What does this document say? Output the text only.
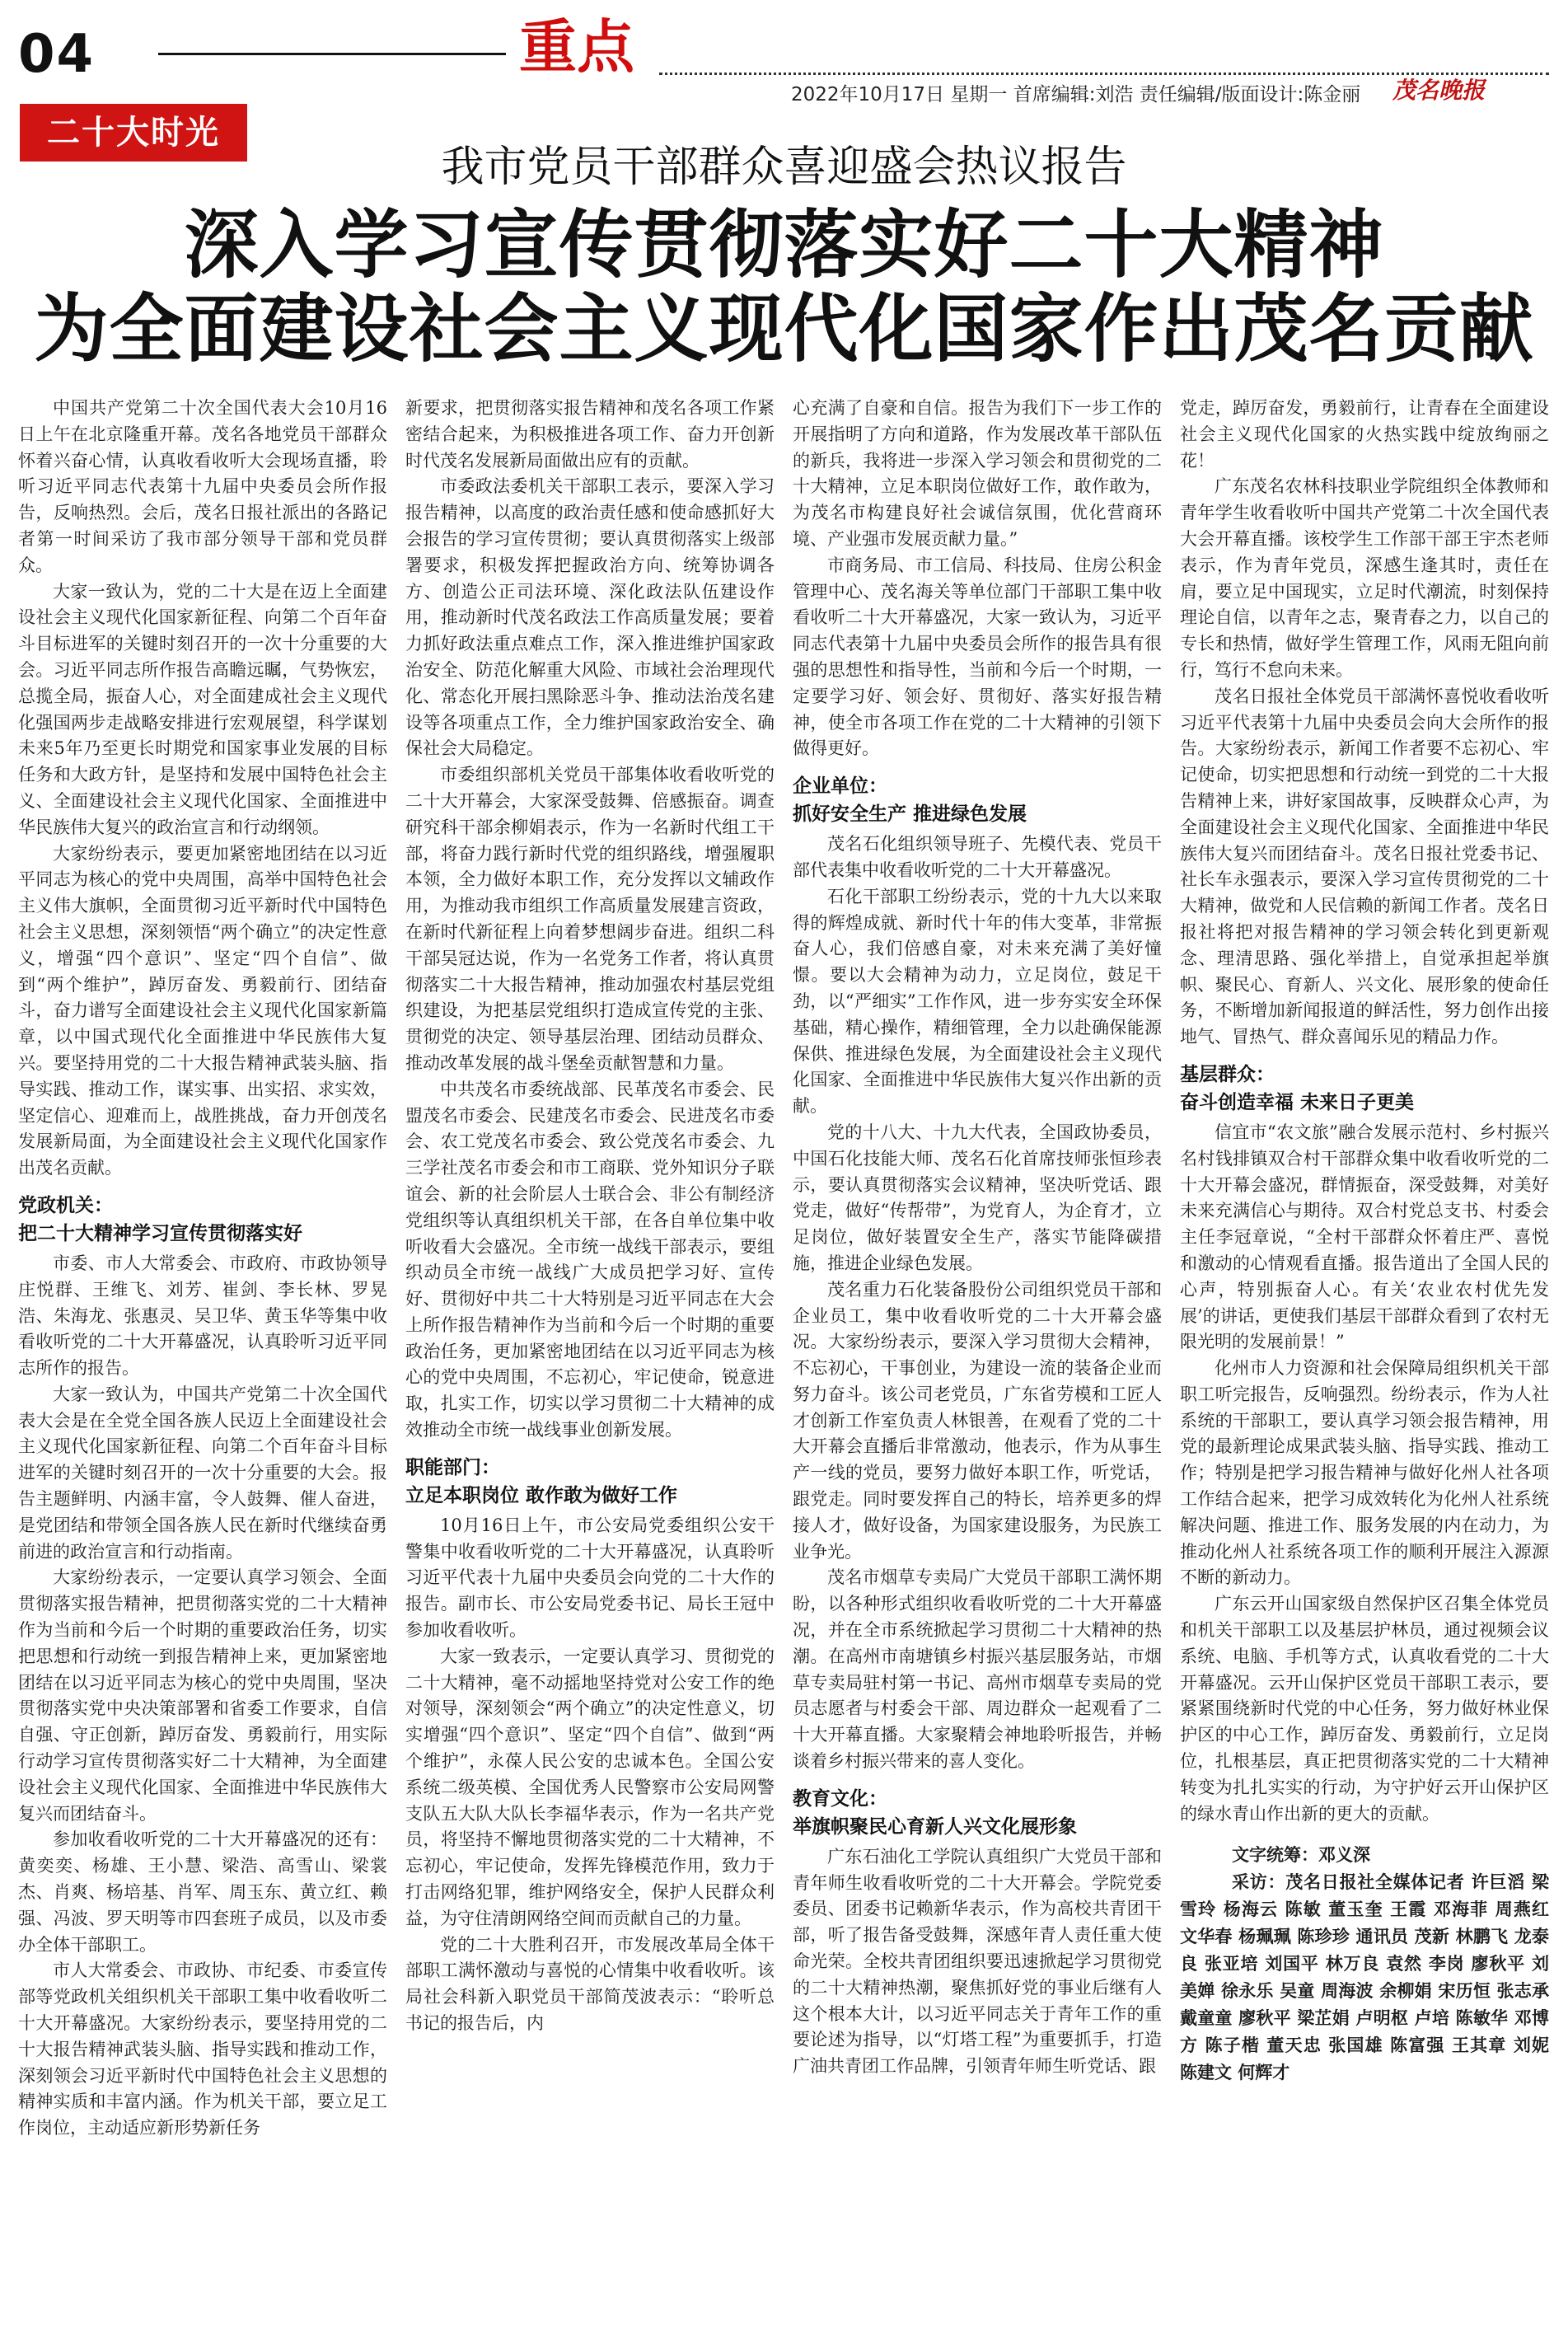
04	重点
2022年10月17日 星期一 首席编辑:刘浩 责任编辑/版面设计:陈金丽 茂名晚报
二十大时光
我市党员干部群众喜迎盛会热议报告
深入学习宣传贯彻落实好二十大精神
为全面建设社会主义现代化国家作出茂名贡献

中国共产党第二十次全国代表大会10月16日上午在北京隆重开幕。茂名各地党员干部群众怀着兴奋心情，认真收看收听大会现场直播，聆听习近平同志代表第十九届中央委员会所作报告，反响热烈。会后，茂名日报社派出的各路记者第一时间采访了我市部分领导干部和党员群众。

大家一致认为，党的二十大是在迈上全面建设社会主义现代化国家新征程、向第二个百年奋斗目标进军的关键时刻召开的一次十分重要的大会。习近平同志所作报告高瞻远瞩，气势恢宏，总揽全局，振奋人心，对全面建成社会主义现代化强国两步走战略安排进行宏观展望，科学谋划未来5年乃至更长时期党和国家事业发展的目标任务和大政方针，是坚持和发展中国特色社会主义、全面建设社会主义现代化国家、全面推进中华民族伟大复兴的政治宣言和行动纲领。

大家纷纷表示，要更加紧密地团结在以习近平同志为核心的党中央周围，高举中国特色社会主义伟大旗帜，全面贯彻习近平新时代中国特色社会主义思想，深刻领悟“两个确立”的决定性意义，增强“四个意识”、坚定“四个自信”、做到“两个维护”，踔厉奋发、勇毅前行、团结奋斗，奋力谱写全面建设社会主义现代化国家新篇章，以中国式现代化全面推进中华民族伟大复兴。要坚持用党的二十大报告精神武装头脑、指导实践、推动工作，谋实事、出实招、求实效，坚定信心、迎难而上，战胜挑战，奋力开创茂名发展新局面，为全面建设社会主义现代化国家作出茂名贡献。

党政机关：
把二十大精神学习宣传贯彻落实好

市委、市人大常委会、市政府、市政协领导庄悦群、王维飞、刘芳、崔剑、李长林、罗晃浩、朱海龙、张惠灵、吴卫华、黄玉华等集中收看收听党的二十大开幕盛况，认真聆听习近平同志所作的报告。

大家一致认为，中国共产党第二十次全国代表大会是在全党全国各族人民迈上全面建设社会主义现代化国家新征程、向第二个百年奋斗目标进军的关键时刻召开的一次十分重要的大会。报告主题鲜明、内涵丰富，令人鼓舞、催人奋进，是党团结和带领全国各族人民在新时代继续奋勇前进的政治宣言和行动指南。

大家纷纷表示，一定要认真学习领会、全面贯彻落实报告精神，把贯彻落实党的二十大精神作为当前和今后一个时期的重要政治任务，切实把思想和行动统一到报告精神上来，更加紧密地团结在以习近平同志为核心的党中央周围，坚决贯彻落实党中央决策部署和省委工作要求，自信自强、守正创新，踔厉奋发、勇毅前行，用实际行动学习宣传贯彻落实好二十大精神，为全面建设社会主义现代化国家、全面推进中华民族伟大复兴而团结奋斗。

参加收看收听党的二十大开幕盛况的还有：黄奕奕、杨雄、王小慧、梁浩、高雪山、梁裳杰、肖爽、杨培基、肖军、周玉东、黄立红、赖强、冯波、罗天明等市四套班子成员，以及市委办全体干部职工。

市人大常委会、市政协、市纪委、市委宣传部等党政机关组织机关干部职工集中收看收听二十大开幕盛况。大家纷纷表示，要坚持用党的二十大报告精神武装头脑、指导实践和推动工作，深刻领会习近平新时代中国特色社会主义思想的精神实质和丰富内涵。作为机关干部，要立足工作岗位，主动适应新形势新任务

新要求，把贯彻落实报告精神和茂名各项工作紧密结合起来，为积极推进各项工作、奋力开创新时代茂名发展新局面做出应有的贡献。

市委政法委机关干部职工表示，要深入学习报告精神，以高度的政治责任感和使命感抓好大会报告的学习宣传贯彻；要认真贯彻落实上级部署要求，积极发挥把握政治方向、统筹协调各方、创造公正司法环境、深化政法队伍建设作用，推动新时代茂名政法工作高质量发展；要着力抓好政法重点难点工作，深入推进维护国家政治安全、防范化解重大风险、市域社会治理现代化、常态化开展扫黑除恶斗争、推动法治茂名建设等各项重点工作，全力维护国家政治安全、确保社会大局稳定。

市委组织部机关党员干部集体收看收听党的二十大开幕会，大家深受鼓舞、倍感振奋。调查研究科干部余柳娟表示，作为一名新时代组工干部，将奋力践行新时代党的组织路线，增强履职本领，全力做好本职工作，充分发挥以文辅政作用，为推动我市组织工作高质量发展建言资政，在新时代新征程上向着梦想阔步奋进。组织二科干部吴冠达说，作为一名党务工作者，将认真贯彻落实二十大报告精神，推动加强农村基层党组织建设，为把基层党组织打造成宣传党的主张、贯彻党的决定、领导基层治理、团结动员群众、推动改革发展的战斗堡垒贡献智慧和力量。

中共茂名市委统战部、民革茂名市委会、民盟茂名市委会、民建茂名市委会、民进茂名市委会、农工党茂名市委会、致公党茂名市委会、九三学社茂名市委会和市工商联、党外知识分子联谊会、新的社会阶层人士联合会、非公有制经济党组织等认真组织机关干部，在各自单位集中收听收看大会盛况。全市统一战线干部表示，要组织动员全市统一战线广大成员把学习好、宣传好、贯彻好中共二十大特别是习近平同志在大会上所作报告精神作为当前和今后一个时期的重要政治任务，更加紧密地团结在以习近平同志为核心的党中央周围，不忘初心，牢记使命，锐意进取，扎实工作，切实以学习贯彻二十大精神的成效推动全市统一战线事业创新发展。

职能部门：
立足本职岗位 敢作敢为做好工作

10月16日上午，市公安局党委组织公安干警集中收看收听党的二十大开幕盛况，认真聆听习近平代表十九届中央委员会向党的二十大作的报告。副市长、市公安局党委书记、局长王冠中参加收看收听。

大家一致表示，一定要认真学习、贯彻党的二十大精神，毫不动摇地坚持党对公安工作的绝对领导，深刻领会“两个确立”的决定性意义，切实增强“四个意识”、坚定“四个自信”、做到“两个维护”，永葆人民公安的忠诚本色。全国公安系统二级英模、全国优秀人民警察市公安局网警支队五大队大队长李福华表示，作为一名共产党员，将坚持不懈地贯彻落实党的二十大精神，不忘初心，牢记使命，发挥先锋模范作用，致力于打击网络犯罪，维护网络安全，保护人民群众利益，为守住清朗网络空间而贡献自己的力量。

党的二十大胜利召开，市发展改革局全体干部职工满怀激动与喜悦的心情集中收看收听。该局社会科新入职党员干部简茂波表示：“聆听总书记的报告后，内

心充满了自豪和自信。报告为我们下一步工作的开展指明了方向和道路，作为发展改革干部队伍的新兵，我将进一步深入学习领会和贯彻党的二十大精神，立足本职岗位做好工作，敢作敢为，为茂名市构建良好社会诚信氛围，优化营商环境、产业强市发展贡献力量。”

市商务局、市工信局、科技局、住房公积金管理中心、茂名海关等单位部门干部职工集中收看收听二十大开幕盛况，大家一致认为，习近平同志代表第十九届中央委员会所作的报告具有很强的思想性和指导性，当前和今后一个时期，一定要学习好、领会好、贯彻好、落实好报告精神，使全市各项工作在党的二十大精神的引领下做得更好。

企业单位：
抓好安全生产 推进绿色发展

茂名石化组织领导班子、先模代表、党员干部代表集中收看收听党的二十大开幕盛况。

石化干部职工纷纷表示，党的十九大以来取得的辉煌成就、新时代十年的伟大变革，非常振奋人心，我们倍感自豪，对未来充满了美好憧憬。要以大会精神为动力，立足岗位，鼓足干劲，以“严细实”工作作风，进一步夯实安全环保基础，精心操作，精细管理，全力以赴确保能源保供、推进绿色发展，为全面建设社会主义现代化国家、全面推进中华民族伟大复兴作出新的贡献。

党的十八大、十九大代表，全国政协委员，中国石化技能大师、茂名石化首席技师张恒珍表示，要认真贯彻落实会议精神，坚决听党话、跟党走，做好“传帮带”，为党育人，为企育才，立足岗位，做好装置安全生产，落实节能降碳措施，推进企业绿色发展。

茂名重力石化装备股份公司组织党员干部和企业员工，集中收看收听党的二十大开幕会盛况。大家纷纷表示，要深入学习贯彻大会精神，不忘初心，干事创业，为建设一流的装备企业而努力奋斗。该公司老党员，广东省劳模和工匠人才创新工作室负责人林银善，在观看了党的二十大开幕会直播后非常激动，他表示，作为从事生产一线的党员，要努力做好本职工作，听党话，跟党走。同时要发挥自己的特长，培养更多的焊接人才，做好设备，为国家建设服务，为民族工业争光。

茂名市烟草专卖局广大党员干部职工满怀期盼，以各种形式组织收看收听党的二十大开幕盛况，并在全市系统掀起学习贯彻二十大精神的热潮。在高州市南塘镇乡村振兴基层服务站，市烟草专卖局驻村第一书记、高州市烟草专卖局的党员志愿者与村委会干部、周边群众一起观看了二十大开幕直播。大家聚精会神地聆听报告，并畅谈着乡村振兴带来的喜人变化。

教育文化：
举旗帜聚民心育新人兴文化展形象

广东石油化工学院认真组织广大党员干部和青年师生收看收听党的二十大开幕会。学院党委委员、团委书记赖新华表示，作为高校共青团干部，听了报告备受鼓舞，深感年青人责任重大使命光荣。全校共青团组织要迅速掀起学习贯彻党的二十大精神热潮，聚焦抓好党的事业后继有人这个根本大计，以习近平同志关于青年工作的重要论述为指导，以“灯塔工程”为重要抓手，打造广油共青团工作品牌，引领青年师生听党话、跟

党走，踔厉奋发，勇毅前行，让青春在全面建设社会主义现代化国家的火热实践中绽放绚丽之花！

广东茂名农林科技职业学院组织全体教师和青年学生收看收听中国共产党第二十次全国代表大会开幕直播。该校学生工作部干部王宇杰老师表示，作为青年党员，深感生逢其时，责任在肩，要立足中国现实，立足时代潮流，时刻保持理论自信，以青年之志，聚青春之力，以自己的专长和热情，做好学生管理工作，风雨无阻向前行，笃行不怠向未来。

茂名日报社全体党员干部满怀喜悦收看收听习近平代表第十九届中央委员会向大会所作的报告。大家纷纷表示，新闻工作者要不忘初心、牢记使命，切实把思想和行动统一到党的二十大报告精神上来，讲好家国故事，反映群众心声，为全面建设社会主义现代化国家、全面推进中华民族伟大复兴而团结奋斗。茂名日报社党委书记、社长车永强表示，要深入学习宣传贯彻党的二十大精神，做党和人民信赖的新闻工作者。茂名日报社将把对报告精神的学习领会转化到更新观念、理清思路、强化举措上，自觉承担起举旗帜、聚民心、育新人、兴文化、展形象的使命任务，不断增加新闻报道的鲜活性，努力创作出接地气、冒热气、群众喜闻乐见的精品力作。

基层群众：
奋斗创造幸福 未来日子更美

信宜市“农文旅”融合发展示范村、乡村振兴名村钱排镇双合村干部群众集中收看收听党的二十大开幕会盛况，群情振奋，深受鼓舞，对美好未来充满信心与期待。双合村党总支书、村委会主任李冠章说，“全村干部群众怀着庄严、喜悦和激动的心情观看直播。报告道出了全国人民的心声，特别振奋人心。有关‘农业农村优先发展’的讲话，更使我们基层干部群众看到了农村无限光明的发展前景！”

化州市人力资源和社会保障局组织机关干部职工听完报告，反响强烈。纷纷表示，作为人社系统的干部职工，要认真学习领会报告精神，用党的最新理论成果武装头脑、指导实践、推动工作；特别是把学习报告精神与做好化州人社各项工作结合起来，把学习成效转化为化州人社系统解决问题、推进工作、服务发展的内在动力，为推动化州人社系统各项工作的顺利开展注入源源不断的新动力。

广东云开山国家级自然保护区召集全体党员和机关干部职工以及基层护林员，通过视频会议系统、电脑、手机等方式，认真收看党的二十大开幕盛况。云开山保护区党员干部职工表示，要紧紧围绕新时代党的中心任务，努力做好林业保护区的中心工作，踔厉奋发、勇毅前行，立足岗位，扎根基层，真正把贯彻落实党的二十大精神转变为扎扎实实的行动，为守护好云开山保护区的绿水青山作出新的更大的贡献。

文字统筹：邓义深
采访：茂名日报社全媒体记者 许巨滔 梁雪玲 杨海云 陈敏 董玉奎 王霞 邓海菲 周燕红 文华春 杨珮珮 陈珍珍 通讯员 茂新 林鹏飞 龙泰良 张亚培 刘国平 林万良 袁然 李岗 廖秋平 刘美婵 徐永乐 吴童 周海波 余柳娟 宋历恒 张志承 戴童童 廖秋平 梁芷娟 卢明枢 卢培 陈敏华 邓博方 陈子楷 董天忠 张国雄 陈富强 王其章 刘妮 陈建文 何辉才
